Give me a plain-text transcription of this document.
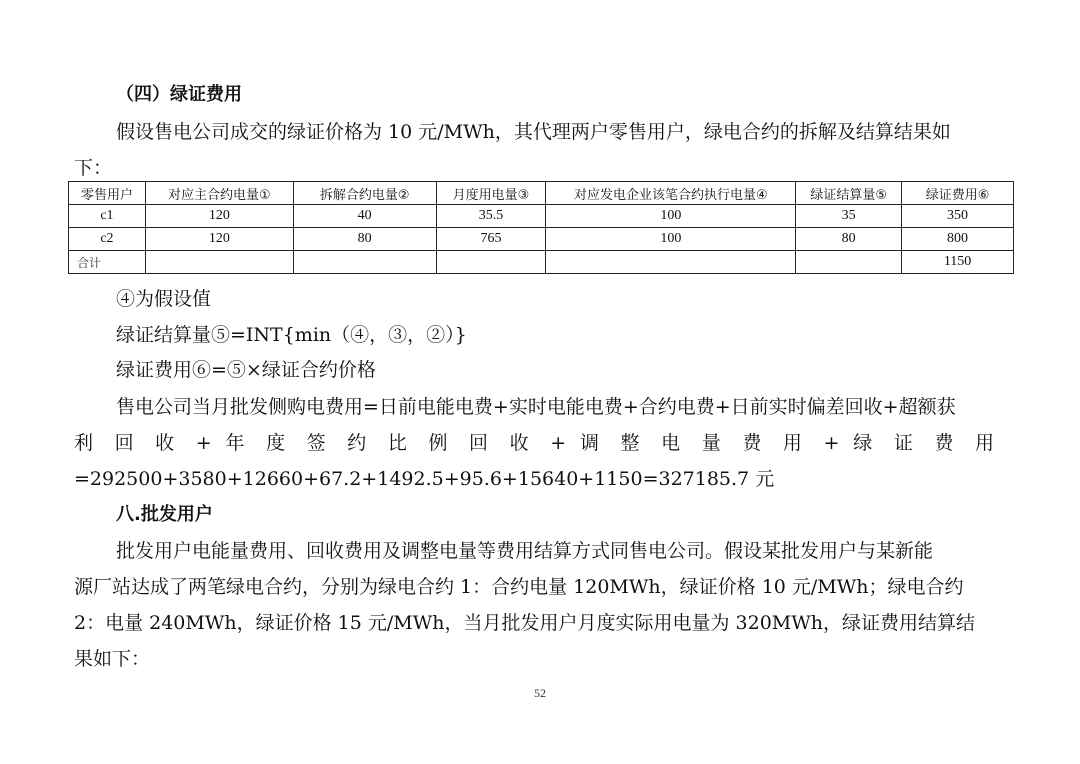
（四）绿证费用
假设售电公司成交的绿证价格为 10 元/MWh，其代理两户零售用户，绿电合约的拆解及结算结果如
下：
零售用户	对应主合约电量①	拆解合约电量②	月度用电量③	对应发电企业该笔合约执行电量④	绿证结算量⑤	绿证费用⑥
c1	120	40	35.5	100	35	350
c2	120	80	765	100	80	800
合计						1150
④为假设值
绿证结算量⑤=INT{min（④，③，②）}
绿证费用⑥=⑤×绿证合约价格
售电公司当月批发侧购电费用=日前电能电费+实时电能电费+合约电费+日前实时偏差回收+超额获
利 回 收 + 年 度 签 约 比 例 回 收 + 调 整 电 量 费 用 + 绿 证 费 用
=292500+3580+12660+67.2+1492.5+95.6+15640+1150=327185.7 元
八.批发用户
批发用户电能量费用、回收费用及调整电量等费用结算方式同售电公司。假设某批发用户与某新能
源厂站达成了两笔绿电合约，分别为绿电合约 1：合约电量 120MWh，绿证价格 10 元/MWh；绿电合约
2：电量 240MWh，绿证价格 15 元/MWh，当月批发用户月度实际用电量为 320MWh，绿证费用结算结
果如下：
52
